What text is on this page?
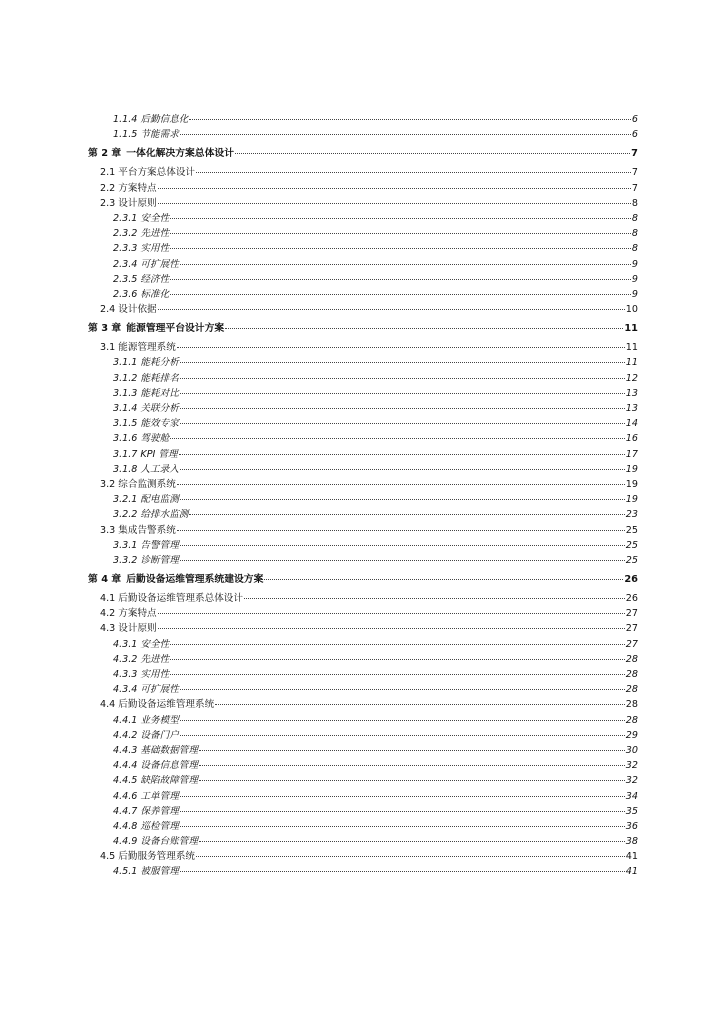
1.1.4 后勤信息化	6
1.1.5 节能需求	6
第 2 章 一体化解决方案总体设计	7
2.1 平台方案总体设计	7
2.2 方案特点	7
2.3 设计原则	8
2.3.1 安全性	8
2.3.2 先进性	8
2.3.3 实用性	8
2.3.4 可扩展性	9
2.3.5 经济性	9
2.3.6 标准化	9
2.4 设计依据	10
第 3 章 能源管理平台设计方案	11
3.1 能源管理系统	11
3.1.1 能耗分析	11
3.1.2 能耗排名	12
3.1.3 能耗对比	13
3.1.4 关联分析	13
3.1.5 能效专家	14
3.1.6 驾驶舱	16
3.1.7 KPI 管理	17
3.1.8 人工录入	19
3.2 综合监测系统	19
3.2.1 配电监测	19
3.2.2 给排水监测	23
3.3 集成告警系统	25
3.3.1 告警管理	25
3.3.2 诊断管理	25
第 4 章 后勤设备运维管理系统建设方案	26
4.1 后勤设备运维管理系总体设计	26
4.2 方案特点	27
4.3 设计原则	27
4.3.1 安全性	27
4.3.2 先进性	28
4.3.3 实用性	28
4.3.4 可扩展性	28
4.4 后勤设备运维管理系统	28
4.4.1 业务模型	28
4.4.2 设备门户	29
4.4.3 基础数据管理	30
4.4.4 设备信息管理	32
4.4.5 缺陷故障管理	32
4.4.6 工单管理	34
4.4.7 保养管理	35
4.4.8 巡检管理	36
4.4.9 设备台账管理	38
4.5 后勤服务管理系统	41
4.5.1 被服管理	41
